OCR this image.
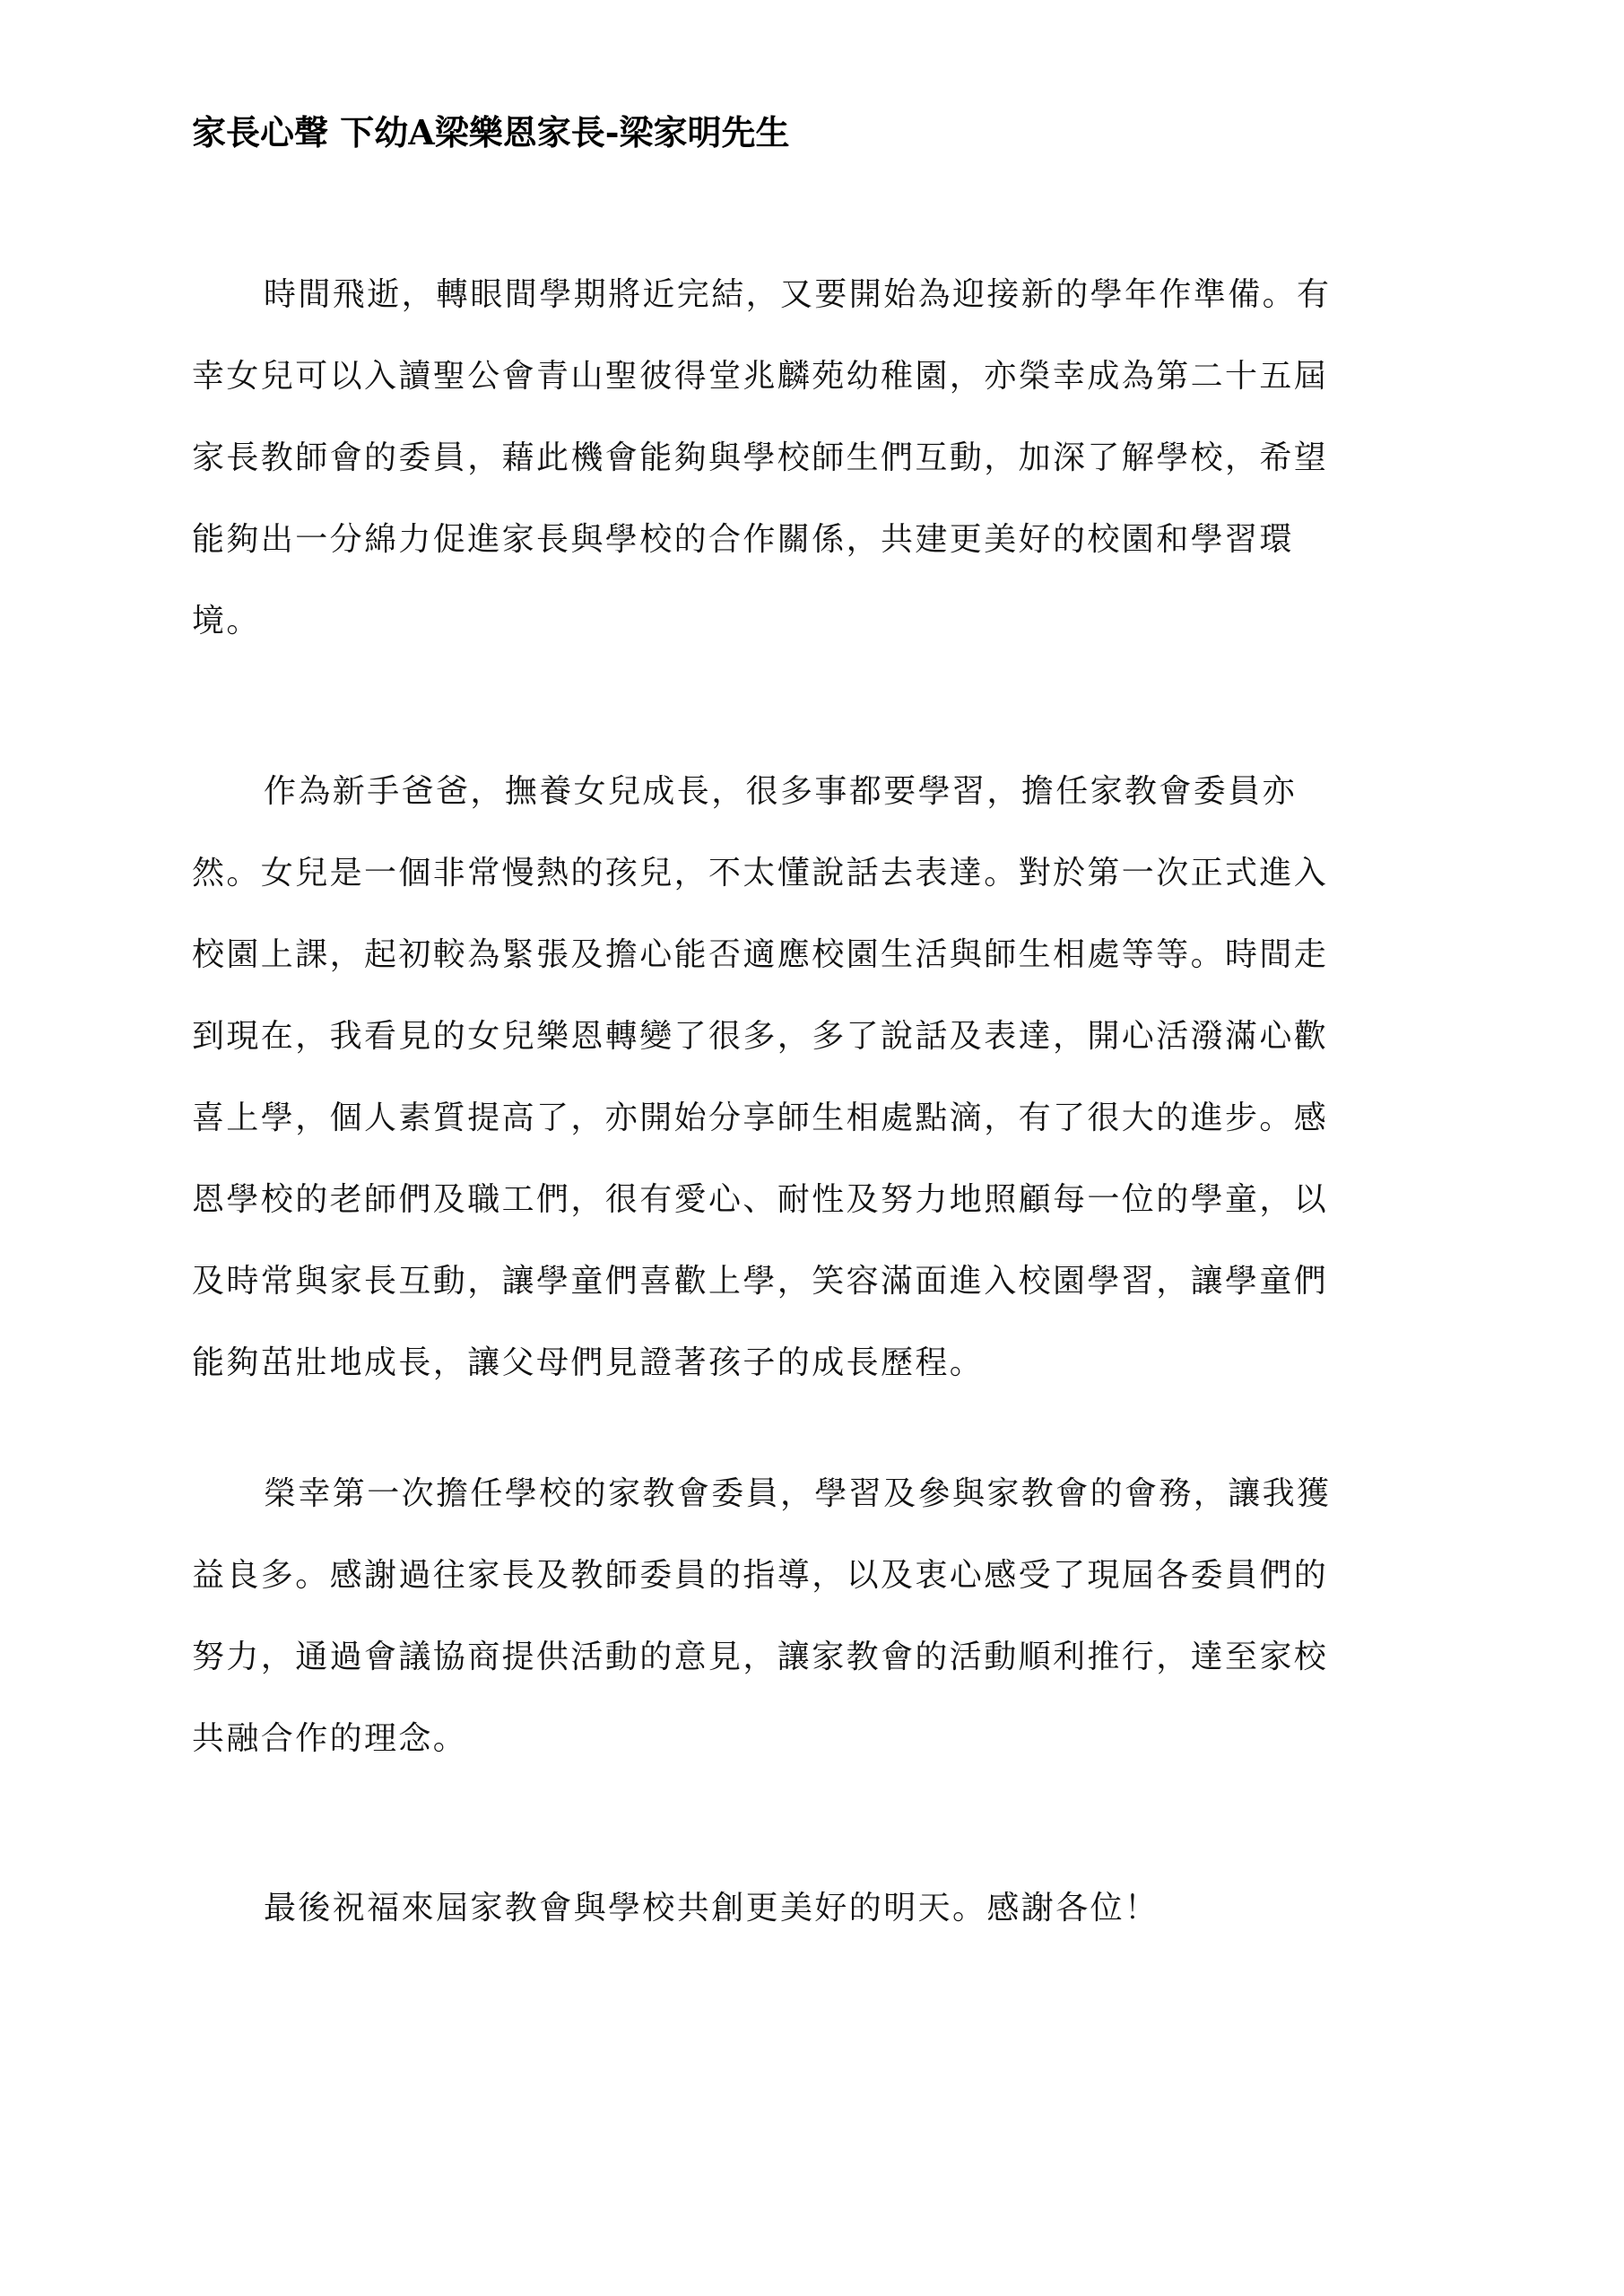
家長心聲 下幼A梁樂恩家長-梁家明先生
時間飛逝，轉眼間學期將近完結，又要開始為迎接新的學年作準備。有
幸女兒可以入讀聖公會青山聖彼得堂兆麟苑幼稚園，亦榮幸成為第二十五屆
家長教師會的委員，藉此機會能夠與學校師生們互動，加深了解學校，希望
能夠出一分綿力促進家長與學校的合作關係，共建更美好的校園和學習環
境。
作為新手爸爸，撫養女兒成長，很多事都要學習，擔任家教會委員亦
然。女兒是一個非常慢熱的孩兒，不太懂說話去表達。對於第一次正式進入
校園上課，起初較為緊張及擔心能否適應校園生活與師生相處等等。時間走
到現在，我看見的女兒樂恩轉變了很多，多了說話及表達，開心活潑滿心歡
喜上學，個人素質提高了，亦開始分享師生相處點滴，有了很大的進步。感
恩學校的老師們及職工們，很有愛心、耐性及努力地照顧每一位的學童，以
及時常與家長互動，讓學童們喜歡上學，笑容滿面進入校園學習，讓學童們
能夠茁壯地成長，讓父母們見證著孩子的成長歷程。
榮幸第一次擔任學校的家教會委員，學習及參與家教會的會務，讓我獲
益良多。感謝過往家長及教師委員的指導，以及衷心感受了現屆各委員們的
努力，通過會議協商提供活動的意見，讓家教會的活動順利推行，達至家校
共融合作的理念。
最後祝福來屆家教會與學校共創更美好的明天。感謝各位！
